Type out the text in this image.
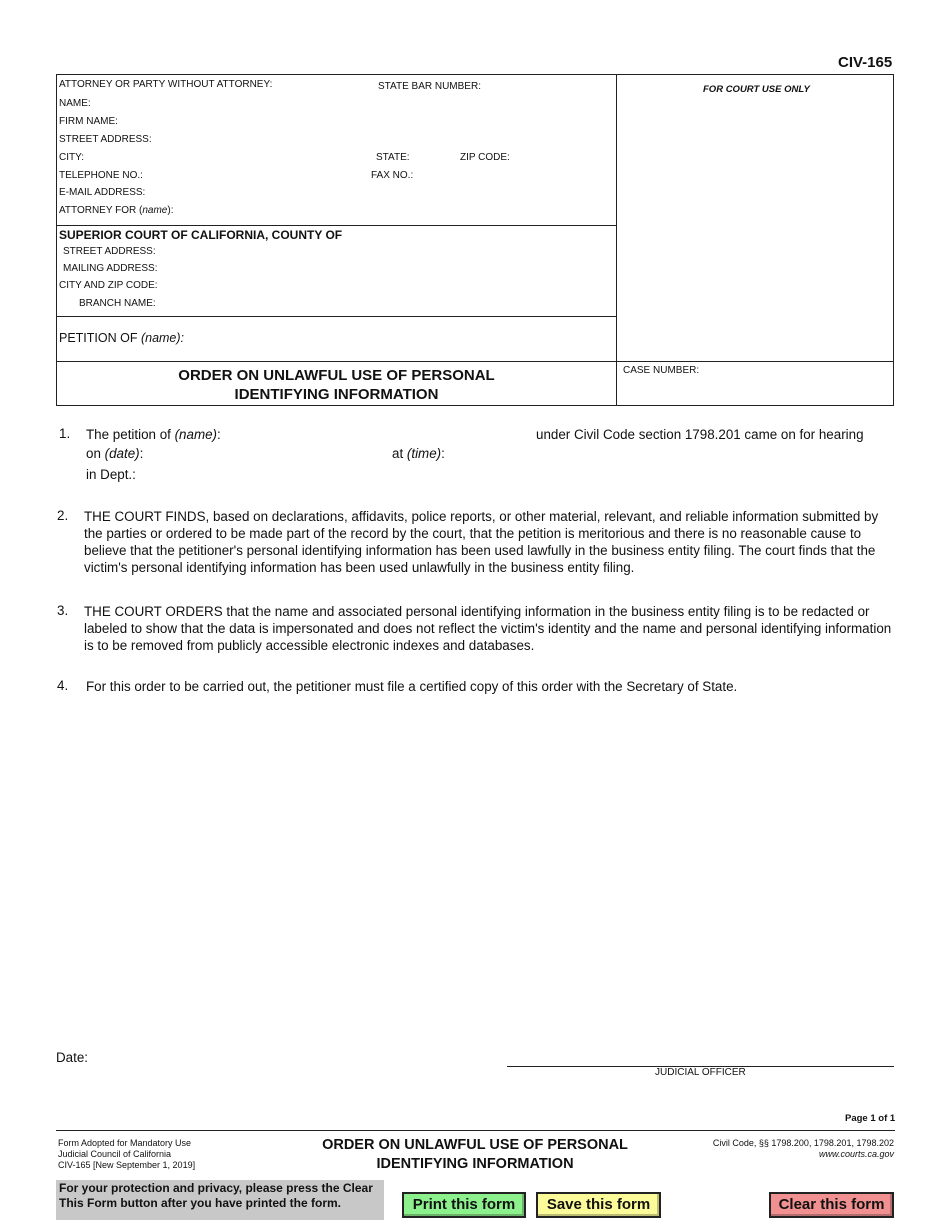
CIV-165
ATTORNEY OR PARTY WITHOUT ATTORNEY:	STATE BAR NUMBER:
NAME:
FIRM NAME:
STREET ADDRESS:
CITY:	STATE:	ZIP CODE:
TELEPHONE NO.:	FAX NO.:
E-MAIL ADDRESS:
ATTORNEY FOR (name):
FOR COURT USE ONLY
SUPERIOR COURT OF CALIFORNIA, COUNTY OF
STREET ADDRESS:
MAILING ADDRESS:
CITY AND ZIP CODE:
BRANCH NAME:
PETITION OF (name):
ORDER ON UNLAWFUL USE OF PERSONAL
IDENTIFYING INFORMATION
CASE NUMBER:
1. The petition of (name):	under Civil Code section 1798.201 came on for hearing
on (date):	at (time):
in Dept.:
2. THE COURT FINDS, based on declarations, affidavits, police reports, or other material, relevant, and reliable information submitted by the parties or ordered to be made part of the record by the court, that the petition is meritorious and there is no reasonable cause to believe that the petitioner's personal identifying information has been used lawfully in the business entity filing. The court finds that the victim's personal identifying information has been used unlawfully in the business entity filing.
3. THE COURT ORDERS that the name and associated personal identifying information in the business entity filing is to be redacted or labeled to show that the data is impersonated and does not reflect the victim's identity and the name and personal identifying information is to be removed from publicly accessible electronic indexes and databases.
4. For this order to be carried out, the petitioner must file a certified copy of this order with the Secretary of State.
Date:
JUDICIAL OFFICER
Page 1 of 1
Form Adopted for Mandatory Use
Judicial Council of California
CIV-165 [New September 1, 2019]
ORDER ON UNLAWFUL USE OF PERSONAL
IDENTIFYING INFORMATION
Civil Code, §§ 1798.200, 1798.201, 1798.202
www.courts.ca.gov
For your protection and privacy, please press the Clear
This Form button after you have printed the form.	Print this form	Save this form	Clear this form
